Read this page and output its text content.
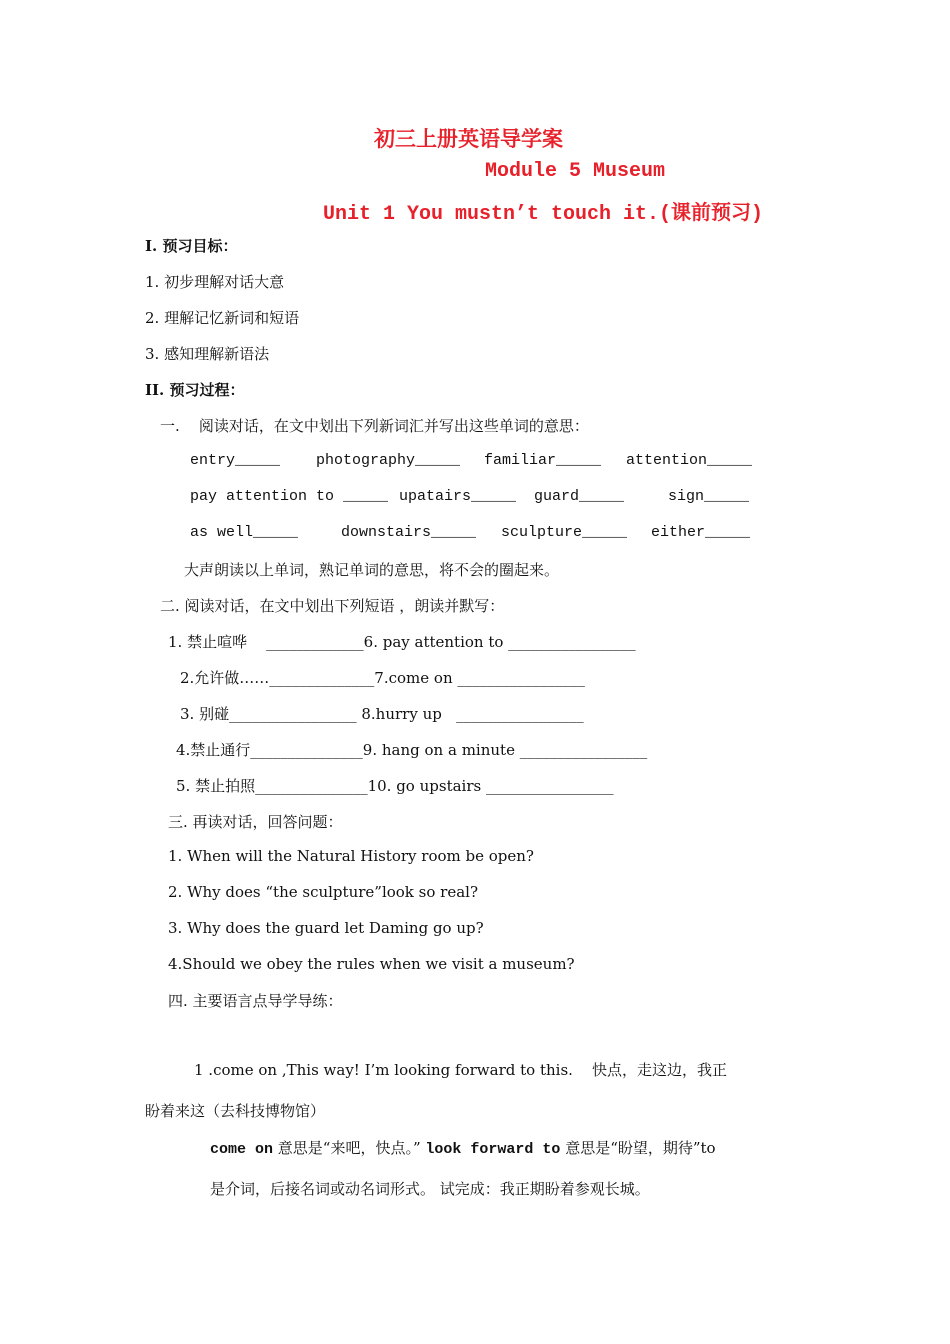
初三上册英语导学案
Module 5 Museum
Unit 1 You mustn’t touch it.(课前预习)
I. 预习目标：
1. 初步理解对话大意
2. 理解记忆新词和短语
3. 感知理解新语法
II. 预习过程：
一.    阅读对话，在文中划出下列新词汇并写出这些单词的意思：
entry_____ photography_____ familiar_____ attention_____
pay attention to _____ upatairs_____ guard_____	sign_____
as well_____	downstairs_____ sculpture_____ either_____
大声朗读以上单词，熟记单词的意思，将不会的圈起来。
二. 阅读对话，在文中划出下列短语 ，朗读并默写：
1. 禁止喧哗    _____________6. pay attention to _________________
2.允许做……______________7.come on _________________
3. 别碰_________________ 8.hurry up   _________________
4.禁止通行_______________9. hang on a minute _________________
5. 禁止拍照_______________10. go upstairs _________________
三. 再读对话，回答问题：
1. When will the Natural History room be open?
2. Why does “the sculpture”look so real?
3. Why does the guard let Daming go up?
4.Should we obey the rules when we visit a museum?
四. 主要语言点导学导练：
1 .come on ,This way! I’m looking forward to this.    快点，走这边，我正
盼着来这（去科技博物馆）
come on 意思是“来吧，快点。” look forward to 意思是“盼望，期待”to
是介词，后接名词或动名词形式。 试完成：我正期盼着参观长城。
